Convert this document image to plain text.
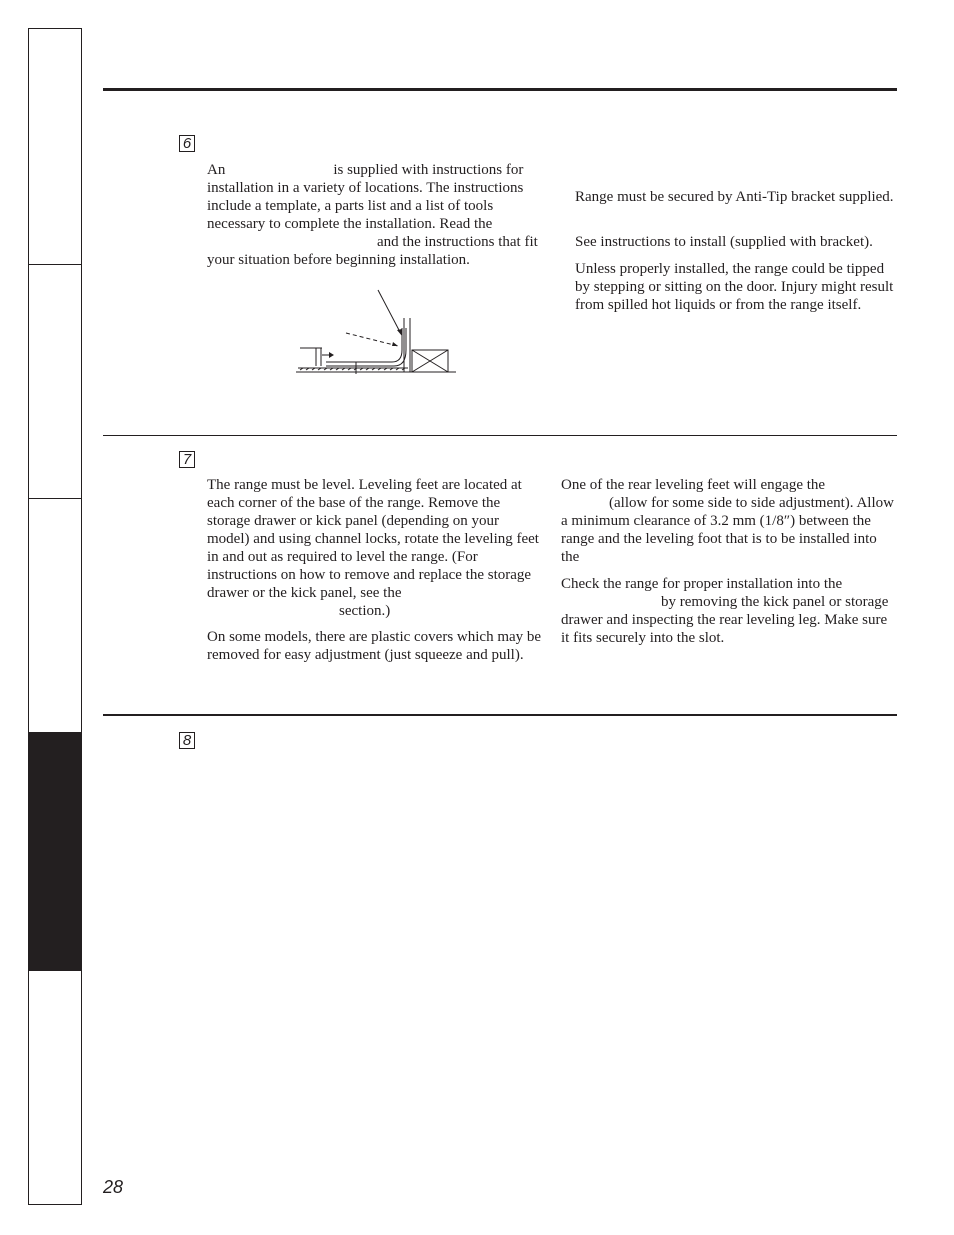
6

An	is supplied with instructions for installation in a variety of locations. The instructions include a template, a parts list and a list of tools necessary to complete the installation. Read the
and the instructions that fit your situation before beginning installation.

Range must be secured by Anti-Tip bracket supplied.

See instructions to install (supplied with bracket).

Unless properly installed, the range could be tipped by stepping or sitting on the door. Injury might result from spilled hot liquids or from the range itself.

7

The range must be level. Leveling feet are located at each corner of the base of the range. Remove the storage drawer or kick panel (depending on your model) and using channel locks, rotate the leveling feet in and out as required to level the range. (For instructions on how to remove and replace the storage drawer or the kick panel, see the
section.)

On some models, there are plastic covers which may be removed for easy adjustment (just squeeze and pull).

One of the rear leveling feet will engage the
(allow for some side to side adjustment). Allow a minimum clearance of 3.2 mm (1/8″) between the range and the leveling foot that is to be installed into the

Check the range for proper installation into the
by removing the kick panel or storage drawer and inspecting the rear leveling leg. Make sure it fits securely into the slot.

8
28
